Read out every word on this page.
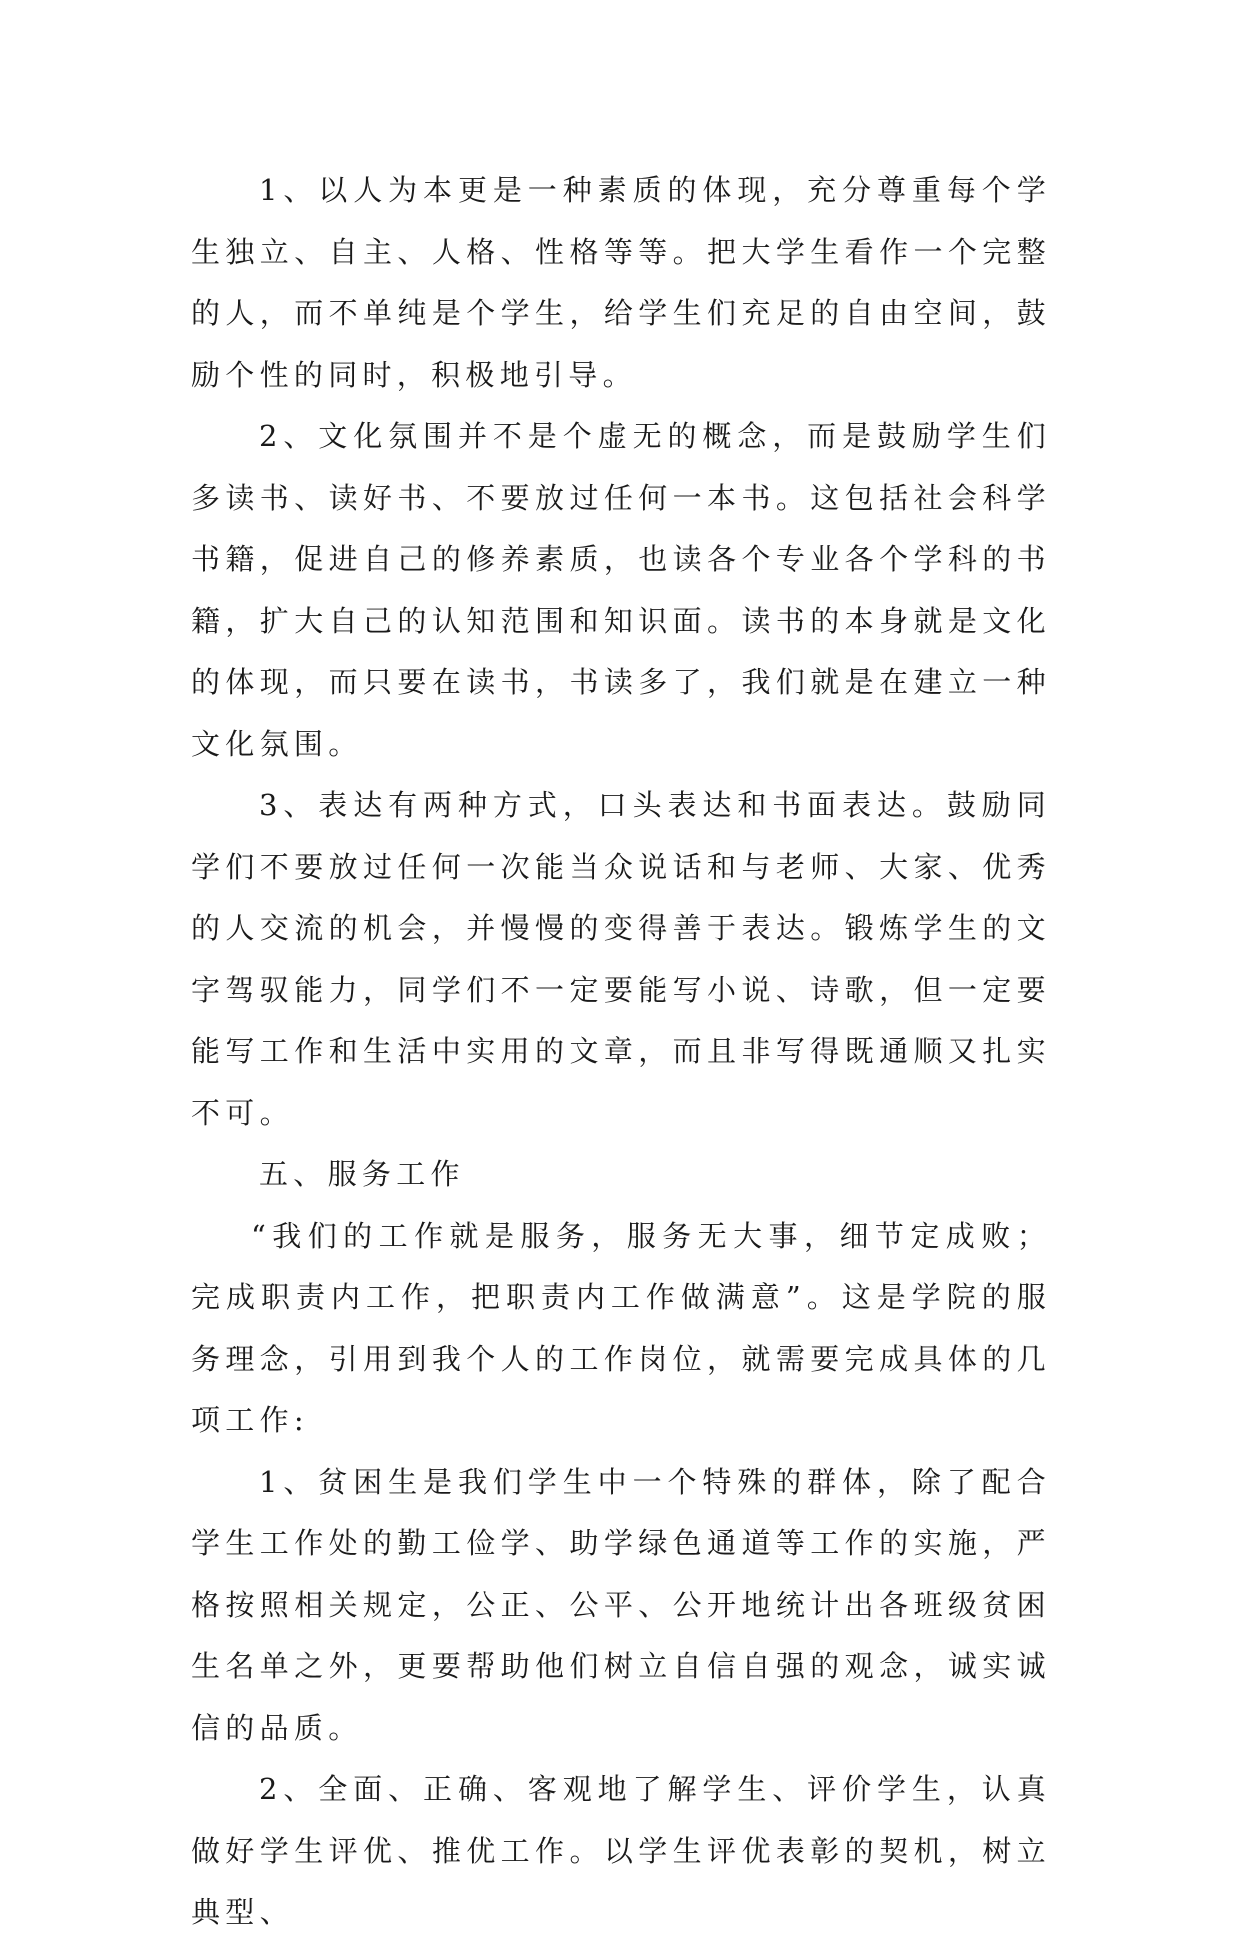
1、以人为本更是一种素质的体现，充分尊重每个学生独立、自主、人格、性格等等。把大学生看作一个完整的人，而不单纯是个学生，给学生们充足的自由空间，鼓励个性的同时，积极地引导。

2、文化氛围并不是个虚无的概念，而是鼓励学生们多读书、读好书、不要放过任何一本书。这包括社会科学书籍，促进自己的修养素质，也读各个专业各个学科的书籍，扩大自己的认知范围和知识面。读书的本身就是文化的体现，而只要在读书，书读多了，我们就是在建立一种文化氛围。

3、表达有两种方式，口头表达和书面表达。鼓励同学们不要放过任何一次能当众说话和与老师、大家、优秀的人交流的机会，并慢慢的变得善于表达。锻炼学生的文字驾驭能力，同学们不一定要能写小说、诗歌，但一定要能写工作和生活中实用的文章，而且非写得既通顺又扎实不可。

五、服务工作

“我们的工作就是服务，服务无大事，细节定成败；完成职责内工作，把职责内工作做满意”。这是学院的服务理念，引用到我个人的工作岗位，就需要完成具体的几项工作:

1、贫困生是我们学生中一个特殊的群体，除了配合学生工作处的勤工俭学、助学绿色通道等工作的实施，严格按照相关规定，公正、公平、公开地统计出各班级贫困生名单之外，更要帮助他们树立自信自强的观念，诚实诚信的品质。

2、全面、正确、客观地了解学生、评价学生，认真做好学生评优、推优工作。以学生评优表彰的契机，树立典型、
